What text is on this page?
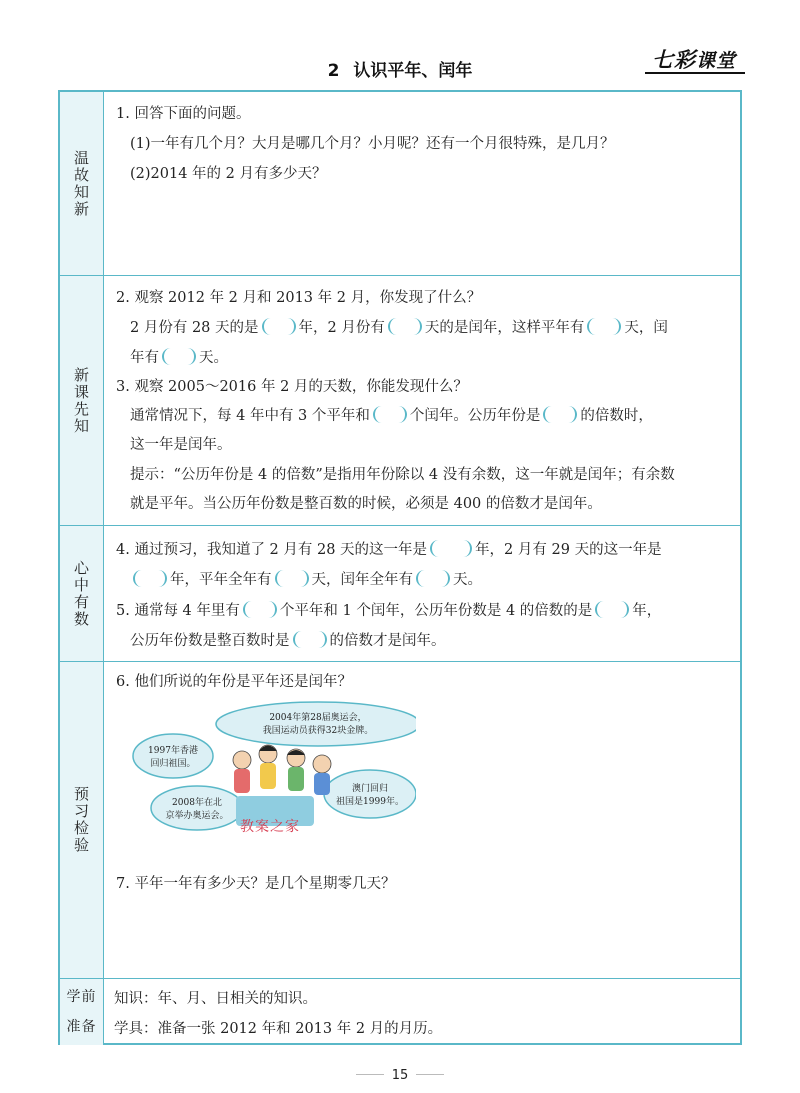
2 认识平年、闰年	七彩课堂
温故知新
1. 回答下面的问题。
(1)一年有几个月？大月是哪几个月？小月呢？还有一个月很特殊，是几月？
(2)2014 年的 2 月有多少天？
新课先知
2. 观察 2012 年 2 月和 2013 年 2 月，你发现了什么？
2 月份有 28 天的是	年，2 月份有	天的是闰年，这样平年有	天，闰
年有	天。
3. 观察 2005～2016 年 2 月的天数，你能发现什么？
通常情况下，每 4 年中有 3 个平年和	个闰年。公历年份是	的倍数时，
这一年是闰年。
提示：“公历年份是 4 的倍数”是指用年份除以 4 没有余数，这一年就是闰年；有余数
就是平年。当公历年份数是整百数的时候，必须是 400 的倍数才是闰年。
心中有数
4. 通过预习，我知道了 2 月有 28 天的这一年是	年，2 月有 29 天的这一年是
年，平年全年有	天，闰年全年有	天。
5. 通常每 4 年里有	个平年和 1 个闰年，公历年份数是 4 的倍数的是	年，
公历年份数是整百数时是	的倍数才是闰年。
预习检验
6. 他们所说的年份是平年还是闰年？
2004年第28届奥运会，
我国运动员获得32块金牌。
1997年香港
回归祖国。
2008年在北
京举办奥运会。
澳门回归
祖国是1999年。
教案之家
7. 平年一年有多少天？是几个星期零几天？
学前
准备
知识：年、月、日相关的知识。
学具：准备一张 2012 年和 2013 年 2 月的月历。
15
